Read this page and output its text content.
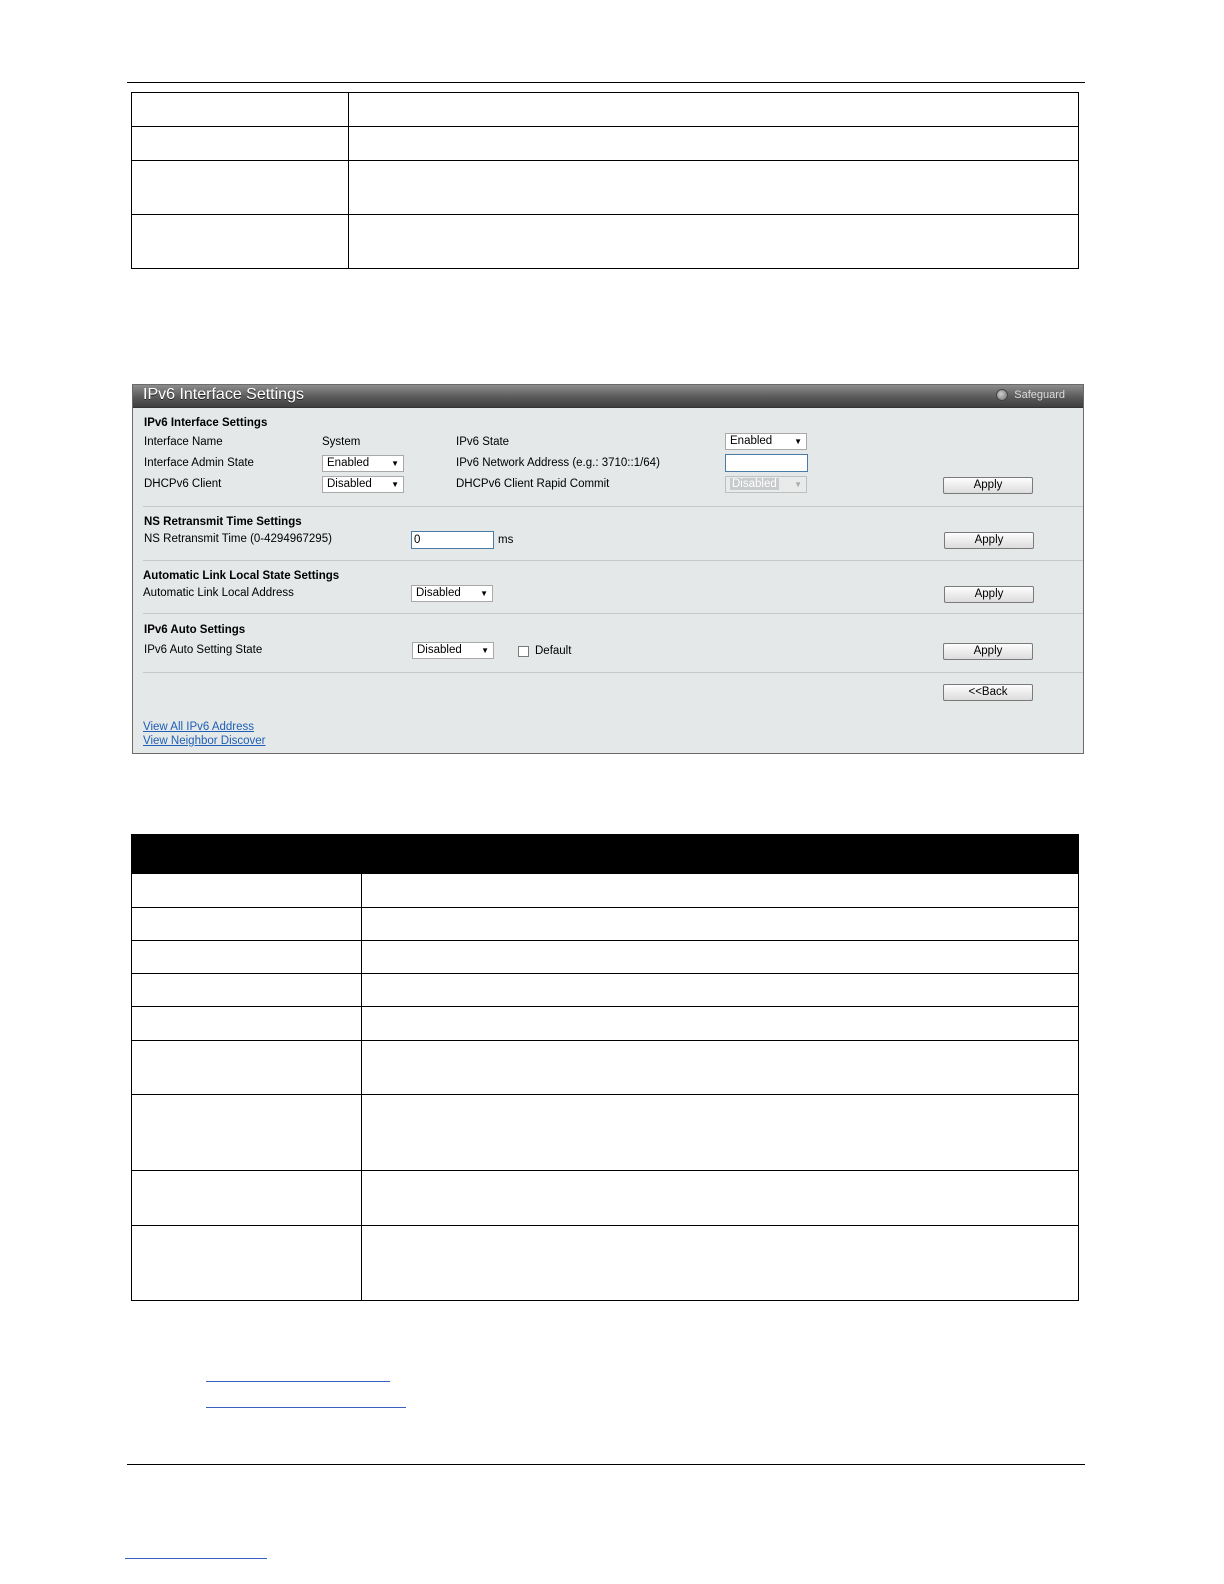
IPv6 Interface Settings	Safeguard
IPv6 Interface Settings
Interface Name	System	IPv6 State	Enabled	▼
Interface Admin State	Enabled	▼	IPv6 Network Address (e.g.: 3710::1/64)
DHCPv6 Client	Disabled ▼	DHCPv6 Client Rapid Commit	Disabled ▼	Apply
NS Retransmit Time Settings
NS Retransmit Time (0-4294967295)	0	ms	Apply
Automatic Link Local State Settings
Automatic Link Local Address	Disabled ▼	Apply
IPv6 Auto Settings
IPv6 Auto Setting State	Disabled ▼	Default	Apply
<<Back
View All IPv6 Address
View Neighbor Discover
